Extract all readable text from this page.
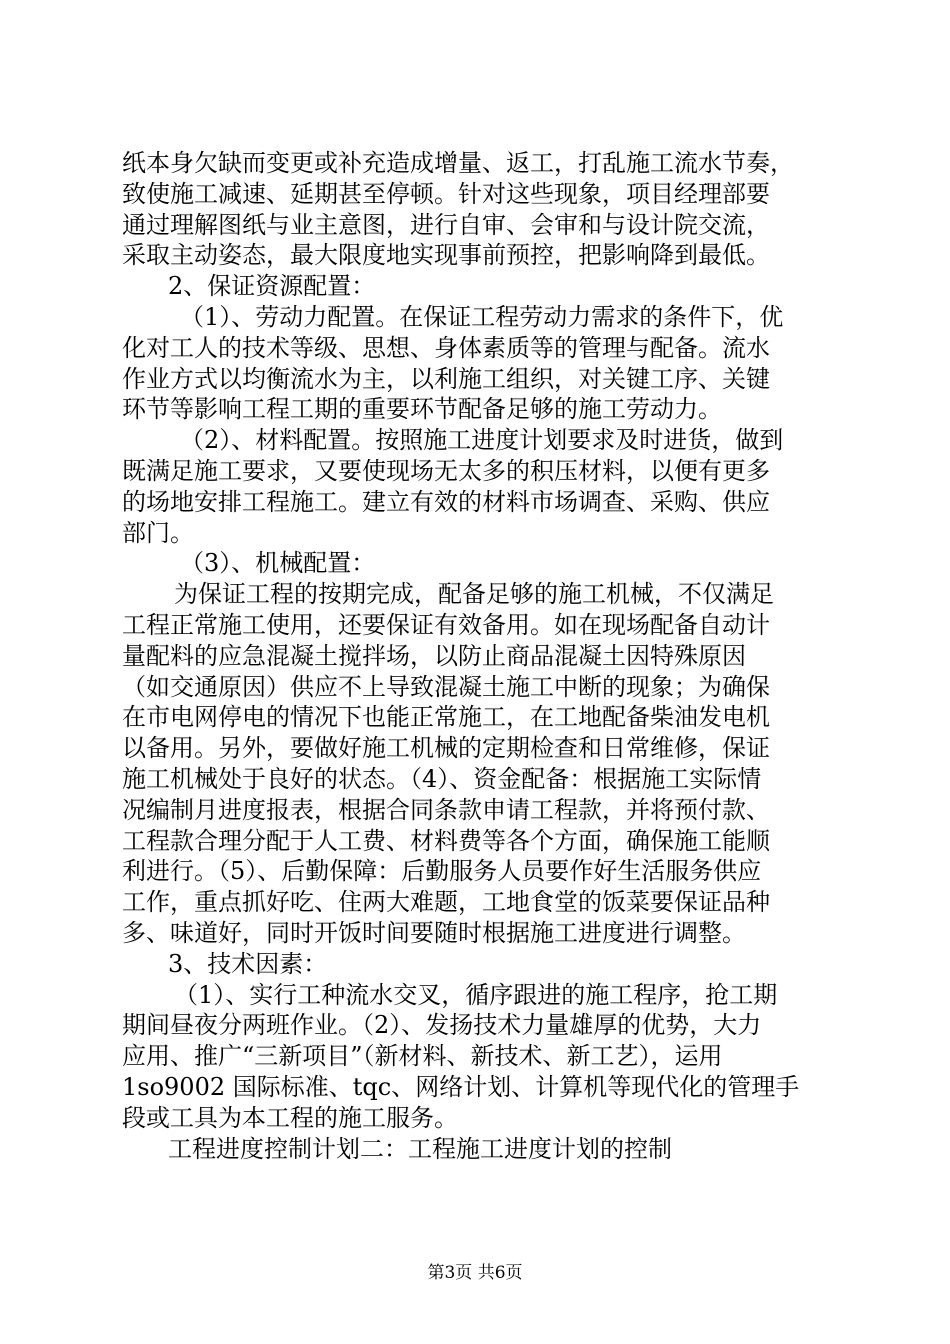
纸本身欠缺而变更或补充造成增量、返工，打乱施工流水节奏，
致使施工减速、延期甚至停顿。针对这些现象，项目经理部要
通过理解图纸与业主意图，进行自审、会审和与设计院交流，
采取主动姿态，最大限度地实现事前预控，把影响降到最低。
2、保证资源配置：
（1）、劳动力配置。在保证工程劳动力需求的条件下，优
化对工人的技术等级、思想、身体素质等的管理与配备。流水
作业方式以均衡流水为主，以利施工组织，对关键工序、关键
环节等影响工程工期的重要环节配备足够的施工劳动力。
（2）、材料配置。按照施工进度计划要求及时进货，做到
既满足施工要求，又要使现场无太多的积压材料，以便有更多
的场地安排工程施工。建立有效的材料市场调查、采购、供应
部门。
（3）、机械配置：
为保证工程的按期完成，配备足够的施工机械，不仅满足
工程正常施工使用，还要保证有效备用。如在现场配备自动计
量配料的应急混凝土搅拌场，以防止商品混凝土因特殊原因
（如交通原因）供应不上导致混凝土施工中断的现象；为确保
在市电网停电的情况下也能正常施工，在工地配备柴油发电机
以备用。另外，要做好施工机械的定期检查和日常维修，保证
施工机械处于良好的状态。（4）、资金配备：根据施工实际情
况编制月进度报表，根据合同条款申请工程款，并将预付款、
工程款合理分配于人工费、材料费等各个方面，确保施工能顺
利进行。（5）、后勤保障：后勤服务人员要作好生活服务供应
工作，重点抓好吃、住两大难题，工地食堂的饭菜要保证品种
多、味道好，同时开饭时间要随时根据施工进度进行调整。
3、技术因素：
（1）、实行工种流水交叉，循序跟进的施工程序，抢工期
期间昼夜分两班作业。（2）、发扬技术力量雄厚的优势，大力
应用、推广“三新项目”（新材料、新技术、新工艺），运用
1so9002 国际标准、tqc、网络计划、计算机等现代化的管理手
段或工具为本工程的施工服务。
工程进度控制计划二：工程施工进度计划的控制
第3页 共6页
